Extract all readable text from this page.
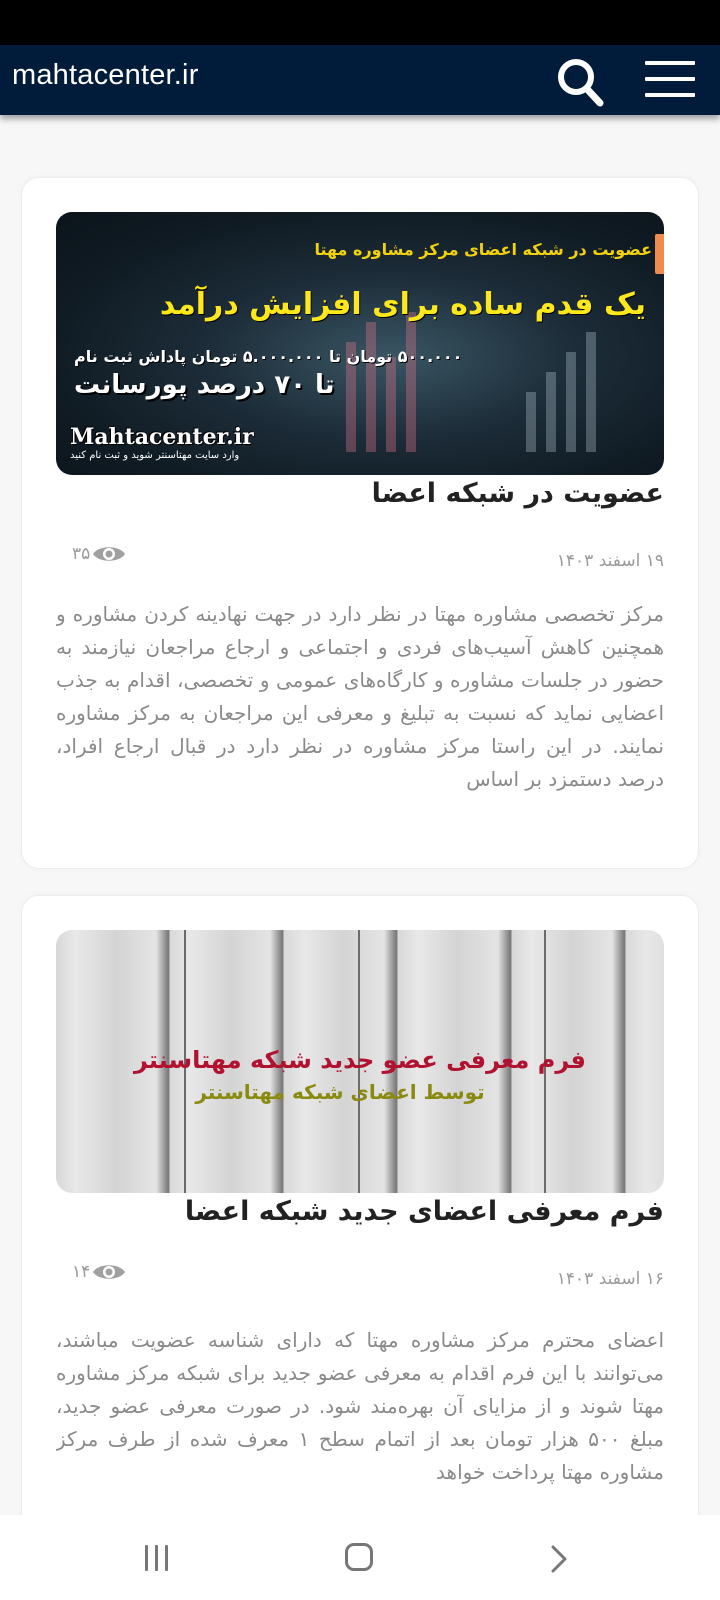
mahtacenter.ir
عضویت در شبکه اعضای مرکز مشاوره مهتا
یک قدم ساده برای افزایش درآمد
۵۰۰.۰۰۰ تومان تا ۵.۰۰۰.۰۰۰ تومان پاداش ثبت نام
تا ۷۰ درصد پورسانت
Mahtacenter.ir
وارد سایت مهتاسنتر شوید و ثبت نام کنید
عضویت در شبکه اعضا
۳۵	۱۹ اسفند ۱۴۰۳

مرکز تخصصی مشاوره مهتا در نظر دارد در جهت نهادینه کردن مشاوره و همچنین کاهش آسیب‌های فردی و اجتماعی و ارجاع مراجعان نیازمند به حضور در جلسات مشاوره و کارگاه‌های عمومی و تخصصی، اقدام به جذب اعضایی نماید که نسبت به تبلیغ و معرفی این مراجعان به مرکز مشاوره نمایند. در این راستا مرکز مشاوره در نظر دارد در قبال ارجاع افراد، درصد دستمزد بر اساس

فرم معرفی عضو جدید شبکه مهتاسنتر
توسط اعضای شبکه مهتاسنتر
فرم معرفی اعضای جدید شبکه اعضا
۱۴	۱۶ اسفند ۱۴۰۳

اعضای محترم مرکز مشاوره مهتا که دارای شناسه عضویت مباشند، می‌توانند با این فرم اقدام به معرفی عضو جدید برای شبکه مرکز مشاوره مهتا شوند و از مزایای آن بهره‌مند شود. در صورت معرفی عضو جدید، مبلغ ۵۰۰ هزار تومان بعد از اتمام سطح ۱ معرف شده از طرف مرکز مشاوره مهتا پرداخت خواهد
